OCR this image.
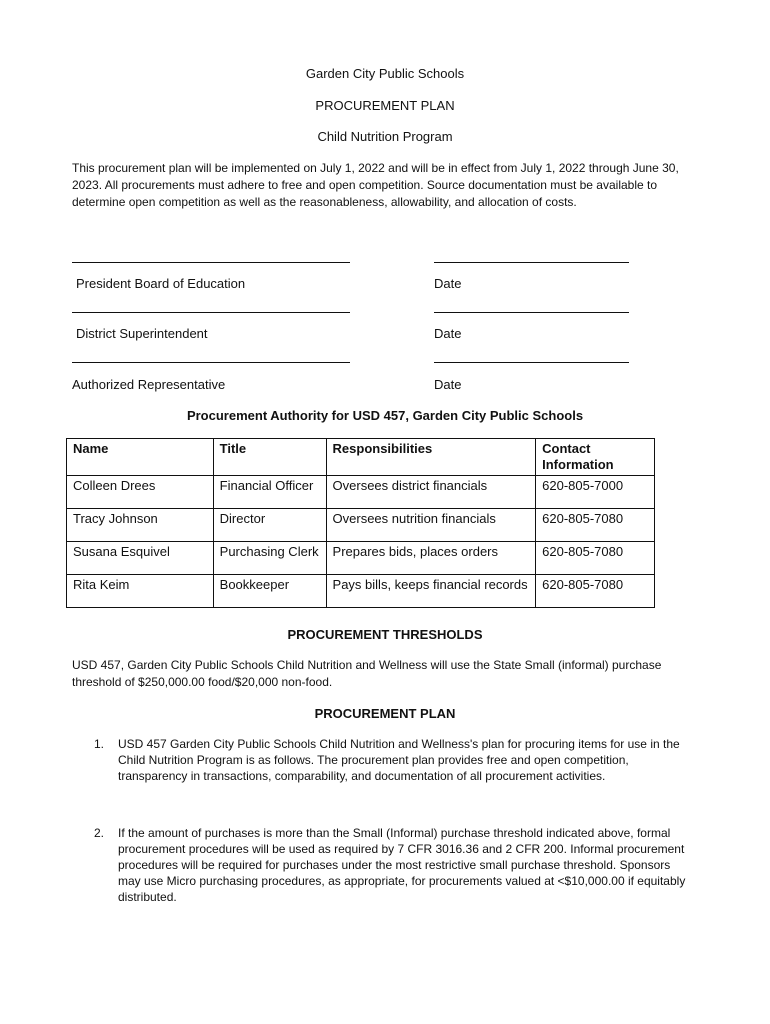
Garden City Public Schools
PROCUREMENT PLAN
Child Nutrition Program
This procurement plan will be implemented on July 1, 2022 and will be in effect from July 1, 2022 through June 30, 2023. All procurements must adhere to free and open competition. Source documentation must be available to determine open competition as well as the reasonableness, allowability, and allocation of costs.
President Board of Education	Date
District Superintendent	Date
Authorized Representative	Date
Procurement Authority for USD 457, Garden City Public Schools
Name	Title	Responsibilities	Contact Information
Colleen Drees	Financial Officer	Oversees district financials	620-805-7000
Tracy Johnson	Director	Oversees nutrition financials	620-805-7080
Susana Esquivel	Purchasing Clerk	Prepares bids, places orders	620-805-7080
Rita Keim	Bookkeeper	Pays bills, keeps financial records	620-805-7080
PROCUREMENT THRESHOLDS
USD 457, Garden City Public Schools Child Nutrition and Wellness will use the State Small (informal) purchase threshold of $250,000.00 food/$20,000 non-food.
PROCUREMENT PLAN
1.	USD 457 Garden City Public Schools Child Nutrition and Wellness's plan for procuring items for use in the Child Nutrition Program is as follows. The procurement plan provides free and open competition, transparency in transactions, comparability, and documentation of all procurement activities.
2.	If the amount of purchases is more than the Small (Informal) purchase threshold indicated above, formal procurement procedures will be used as required by 7 CFR 3016.36 and 2 CFR 200. Informal procurement procedures will be required for purchases under the most restrictive small purchase threshold. Sponsors may use Micro purchasing procedures, as appropriate, for procurements valued at <$10,000.00 if equitably distributed.
